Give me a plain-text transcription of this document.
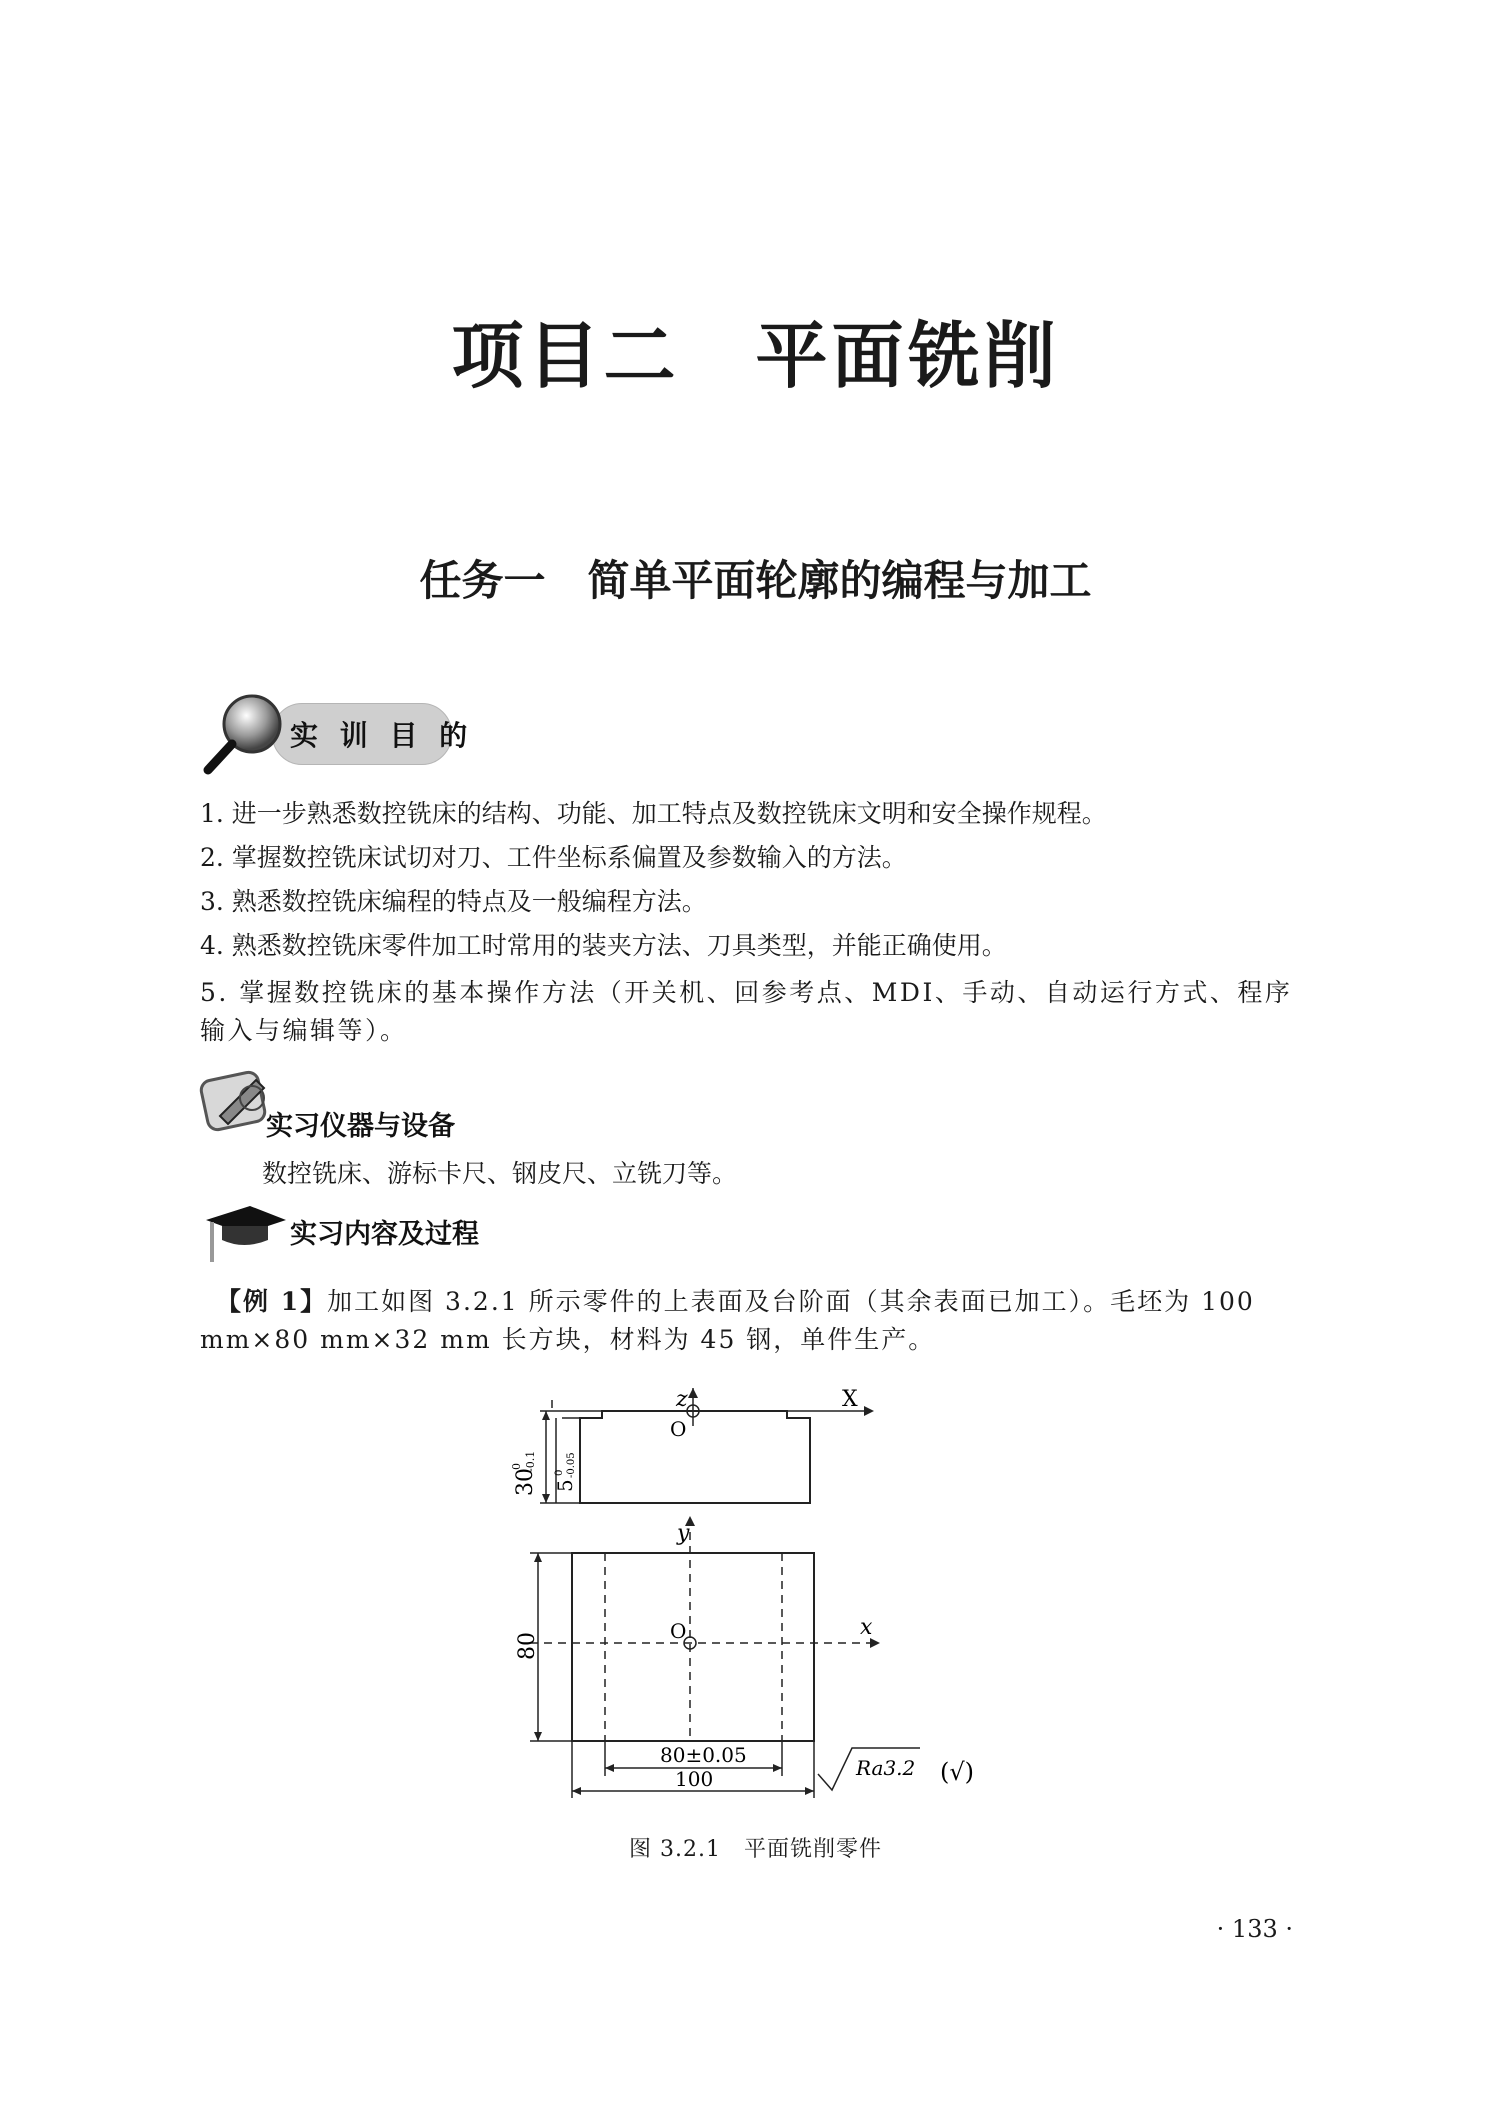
项目二　平面铣削
任务一　简单平面轮廓的编程与加工
实 训 目 的
1. 进一步熟悉数控铣床的结构、功能、加工特点及数控铣床文明和安全操作规程。
2. 掌握数控铣床试切对刀、工件坐标系偏置及参数输入的方法。
3. 熟悉数控铣床编程的特点及一般编程方法。
4. 熟悉数控铣床零件加工时常用的装夹方法、刀具类型，并能正确使用。
5. 掌握数控铣床的基本操作方法（开关机、回参考点、MDI、手动、自动运行方式、程序输入与编辑等）。
实习仪器与设备
数控铣床、游标卡尺、钢皮尺、立铣刀等。
实习内容及过程
【例 1】加工如图 3.2.1 所示零件的上表面及台阶面（其余表面已加工）。毛坯为 100 mm×80 mm×32 mm 长方块，材料为 45 钢，单件生产。
z	X
O
y
x
O
30
0 -0.1
5
0 -0.05
80
80±0.05
100	Ra3.2 (√)
图 3.2.1　平面铣削零件
· 133 ·
